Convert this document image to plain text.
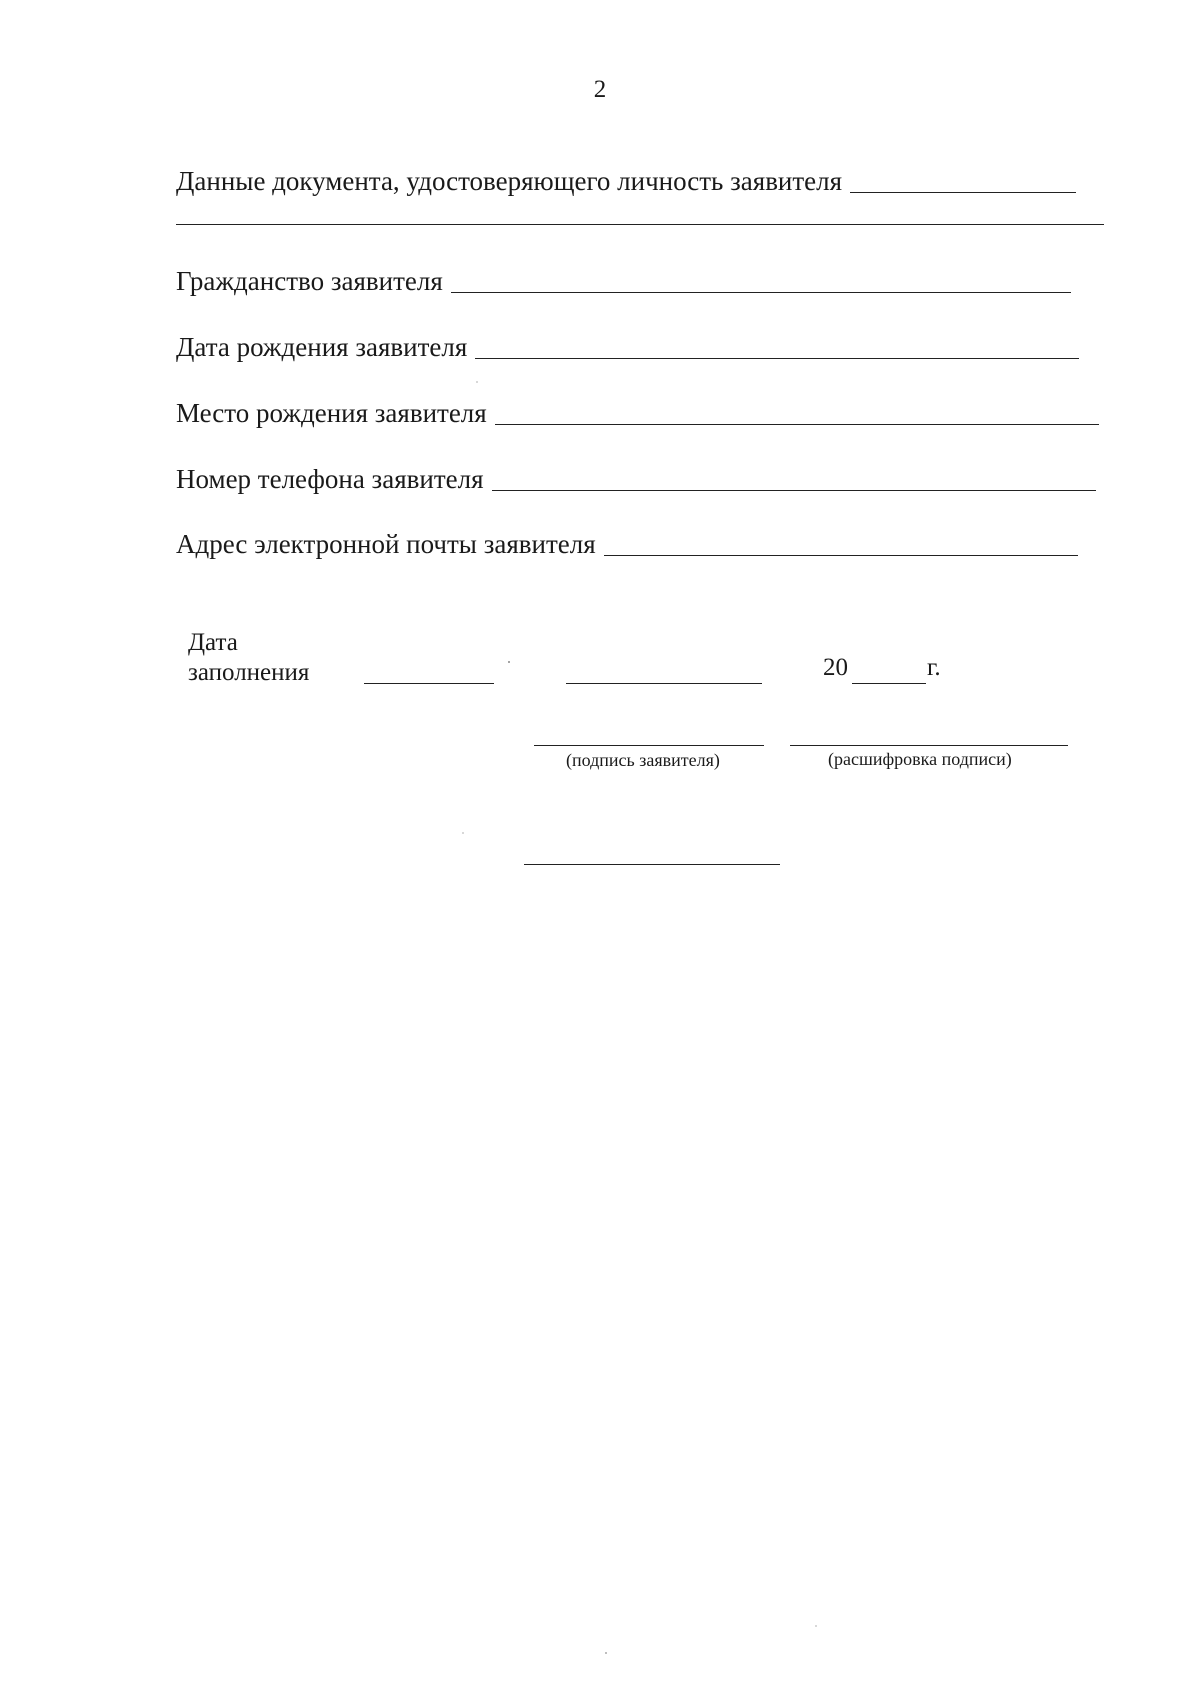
2
Данные документа, удостоверяющего личность заявителя
Гражданство заявителя
Дата рождения заявителя
Место рождения заявителя
Номер телефона заявителя
Адрес электронной почты заявителя
Дата
заполнения	20	г.
(подпись заявителя)	(расшифровка подписи)
